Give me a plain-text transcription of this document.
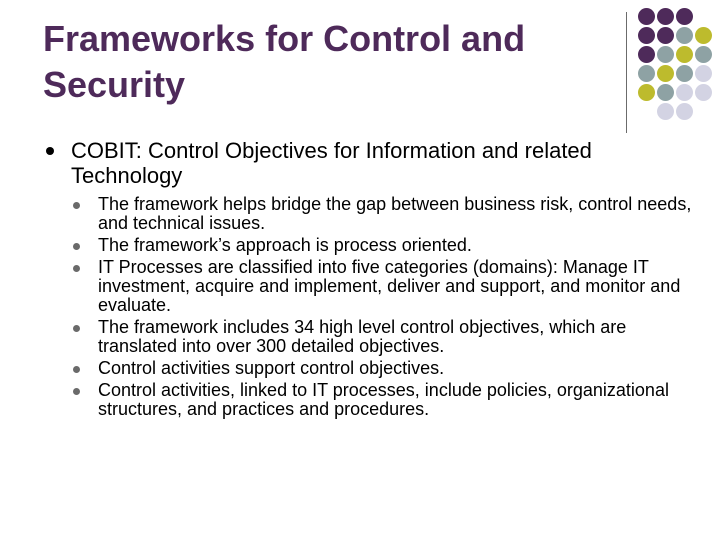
Frameworks for Control and Security
COBIT: Control Objectives for Information and related Technology
The framework helps bridge the gap between business risk, control needs, and technical issues.
The framework’s approach is process oriented.
IT Processes are classified into five categories (domains): Manage IT investment, acquire and implement, deliver and support, and monitor and evaluate.
The framework includes 34 high level control objectives, which are translated into over 300 detailed objectives.
Control activities support control objectives.
Control activities, linked to IT processes, include policies, organizational structures, and practices and procedures.
